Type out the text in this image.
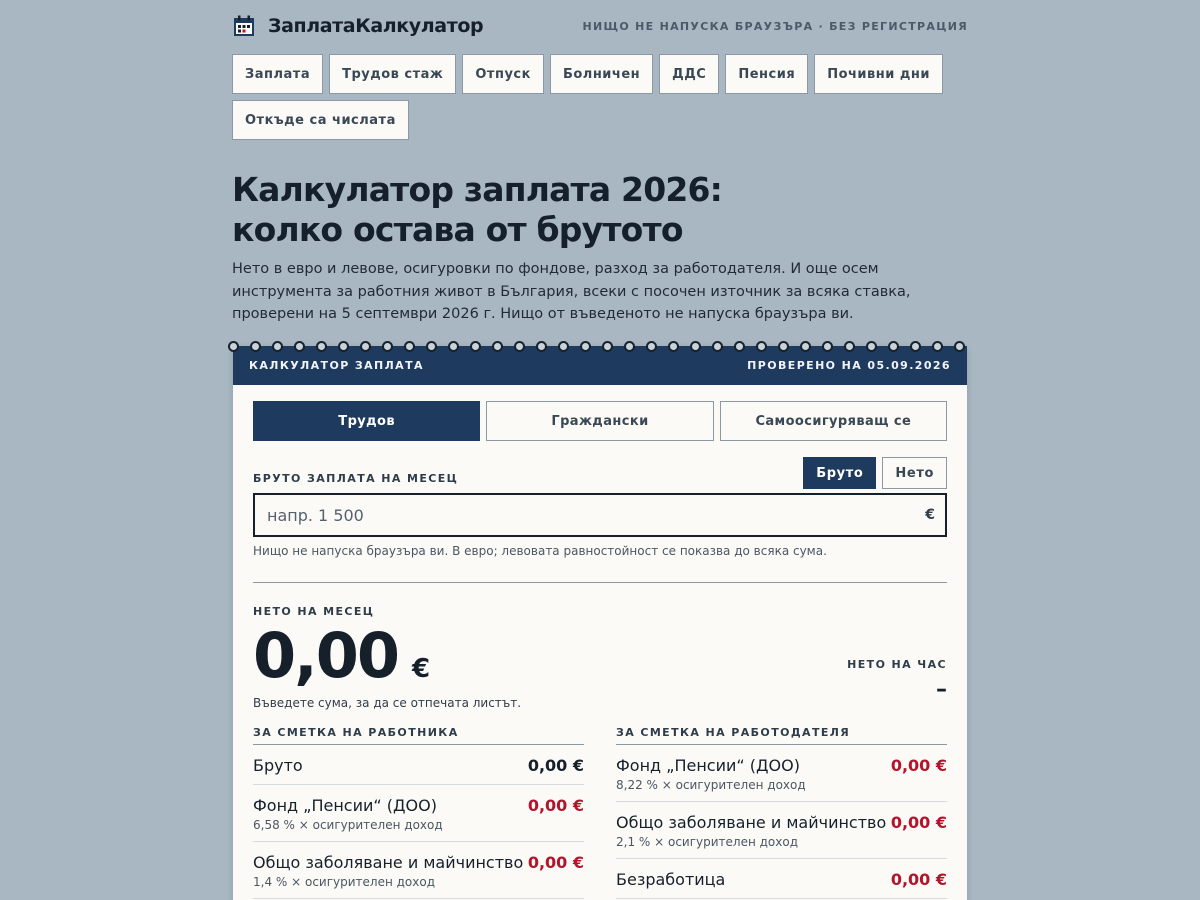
ЗаплатаКалкулатор	НИЩО НЕ НАПУСКА БРАУЗЪРА · БЕЗ РЕГИСТРАЦИЯ
Заплата	Трудов стаж	Отпуск	Болничен	ДДС	Пенсия	Почивни дни
Откъде са числата
Калкулатор заплата 2026:
колко остава от брутото

Нето в евро и левове, осигуровки по фондове, разход за работодателя. И още осем инструмента за работния живот в България, всеки с посочен източник за всяка ставка, проверени на 5 септември 2026 г. Нищо от въведеното не напуска браузъра ви.

КАЛКУЛАТОР ЗАПЛАТА	ПРОВЕРЕНО НА 05.09.2026
Трудов	Граждански	Самоосигуряващ се
БРУТО ЗАПЛАТА НА МЕСЕЦ	Бруто	Нето
напр. 1 500
€
Нищо не напуска браузъра ви. В евро; левовата равностойност се показва до всяка сума.
НЕТО НА МЕСЕЦ
0,00 €
Въведете сума, за да се отпечата листът.
НЕТО НА ЧАС
–
ЗА СМЕТКА НА РАБОТНИКА
Бруто	0,00 €
Фонд „Пенсии“ (ДОО)
6,58 % × осигурителен доход
0,00 €
Общо заболяване и майчинство
1,4 % × осигурителен доход
0,00 €
ЗА СМЕТКА НА РАБОТОДАТЕЛЯ
Фонд „Пенсии“ (ДОО)
8,22 % × осигурителен доход
0,00 €
Общо заболяване и майчинство
2,1 % × осигурителен доход
0,00 €
Безработица	0,00 €
